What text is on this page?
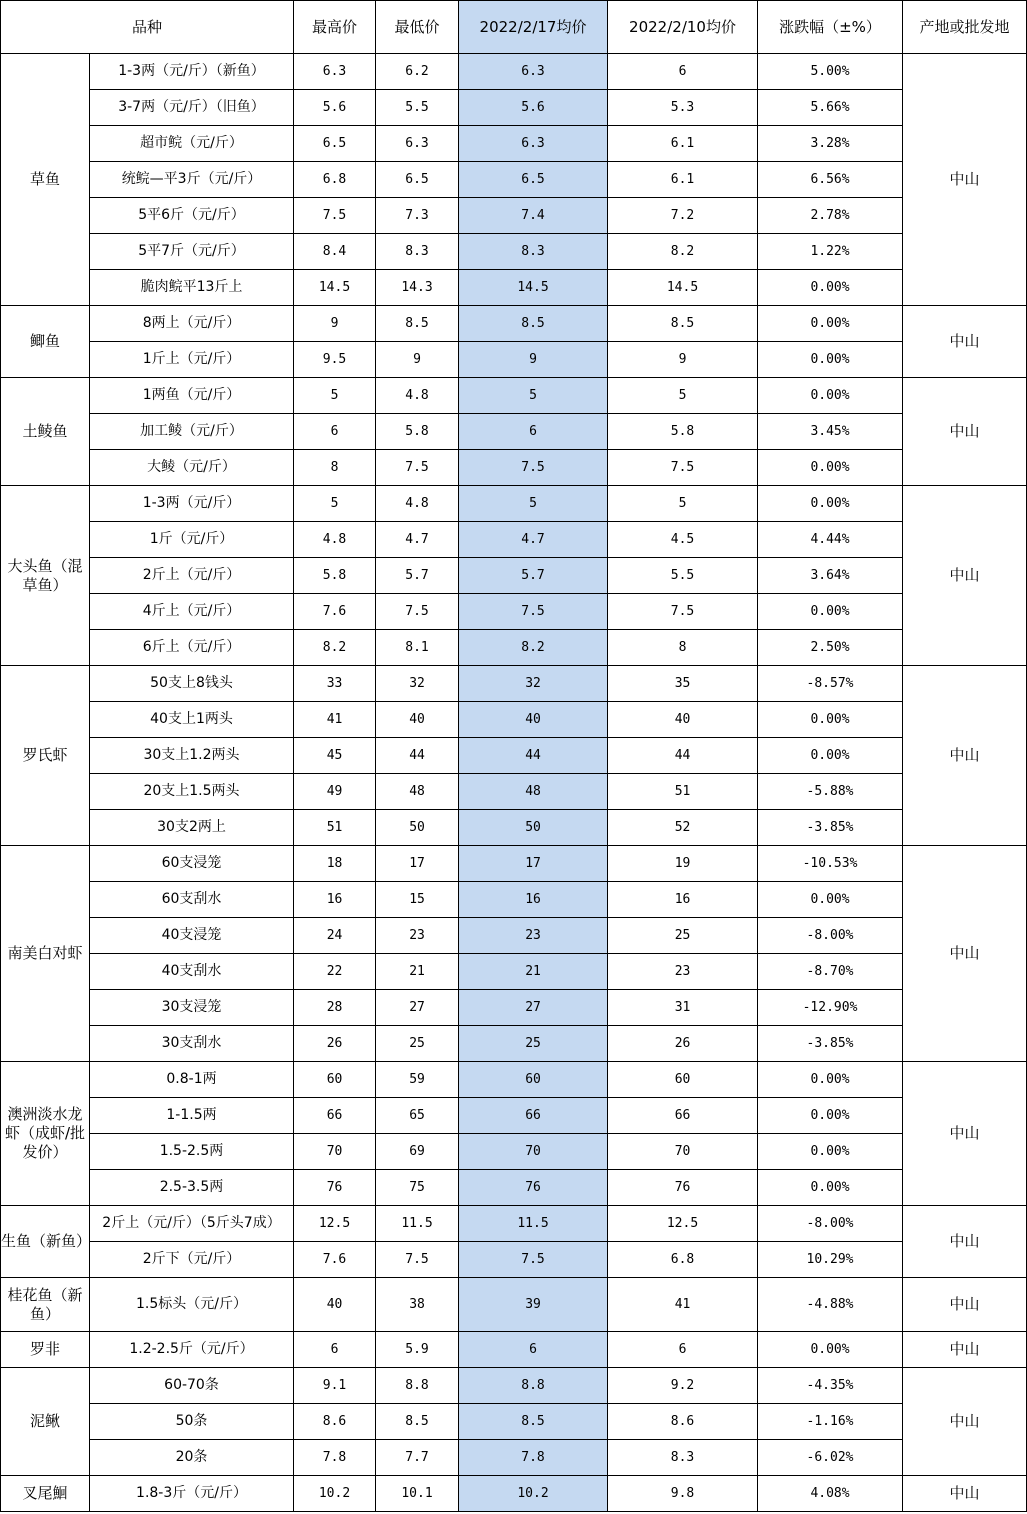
品种		最高价	最低价	2022/2/17均价	2022/2/10均价	涨跌幅（±%）	产地或批发地
草鱼	1-3两（元/斤）（新鱼）	6.3	6.2	6.3	6	5.00%	中山
	3-7两（元/斤）（旧鱼）	5.6	5.5	5.6	5.3	5.66%	
	超市鲩（元/斤）	6.5	6.3	6.3	6.1	3.28%	
	统鲩—平3斤（元/斤）	6.8	6.5	6.5	6.1	6.56%	
	5平6斤（元/斤）	7.5	7.3	7.4	7.2	2.78%	
	5平7斤（元/斤）	8.4	8.3	8.3	8.2	1.22%	
	脆肉鲩平13斤上	14.5	14.3	14.5	14.5	0.00%	
鲫鱼	8两上（元/斤）	9	8.5	8.5	8.5	0.00%	中山
	1斤上（元/斤）	9.5	9	9	9	0.00%	
土鲮鱼	1两鱼（元/斤）	5	4.8	5	5	0.00%	中山
	加工鲮（元/斤）	6	5.8	6	5.8	3.45%	
	大鲮（元/斤）	8	7.5	7.5	7.5	0.00%	
大头鱼（混草鱼）	1-3两（元/斤）	5	4.8	5	5	0.00%	中山
	1斤（元/斤）	4.8	4.7	4.7	4.5	4.44%	
	2斤上（元/斤）	5.8	5.7	5.7	5.5	3.64%	
	4斤上（元/斤）	7.6	7.5	7.5	7.5	0.00%	
	6斤上（元/斤）	8.2	8.1	8.2	8	2.50%	
罗氏虾	50支上8钱头	33	32	32	35	-8.57%	中山
	40支上1两头	41	40	40	40	0.00%	
	30支上1.2两头	45	44	44	44	0.00%	
	20支上1.5两头	49	48	48	51	-5.88%	
	30支2两上	51	50	50	52	-3.85%	
南美白对虾	60支浸笼	18	17	17	19	-10.53%	中山
	60支刮水	16	15	16	16	0.00%	
	40支浸笼	24	23	23	25	-8.00%	
	40支刮水	22	21	21	23	-8.70%	
	30支浸笼	28	27	27	31	-12.90%	
	30支刮水	26	25	25	26	-3.85%	
澳洲淡水龙虾（成虾/批发价）	0.8-1两	60	59	60	60	0.00%	中山
	1-1.5两	66	65	66	66	0.00%	
	1.5-2.5两	70	69	70	70	0.00%	
	2.5-3.5两	76	75	76	76	0.00%	
生鱼（新鱼）	2斤上（元/斤）（5斤头7成）	12.5	11.5	11.5	12.5	-8.00%	中山
	2斤下（元/斤）	7.6	7.5	7.5	6.8	10.29%	
桂花鱼（新鱼）	1.5标头（元/斤）	40	38	39	41	-4.88%	中山
罗非	1.2-2.5斤（元/斤）	6	5.9	6	6	0.00%	中山
泥鳅	60-70条	9.1	8.8	8.8	9.2	-4.35%	中山
	50条	8.6	8.5	8.5	8.6	-1.16%	
	20条	7.8	7.7	7.8	8.3	-6.02%	
叉尾鮰	1.8-3斤（元/斤）	10.2	10.1	10.2	9.8	4.08%	中山
